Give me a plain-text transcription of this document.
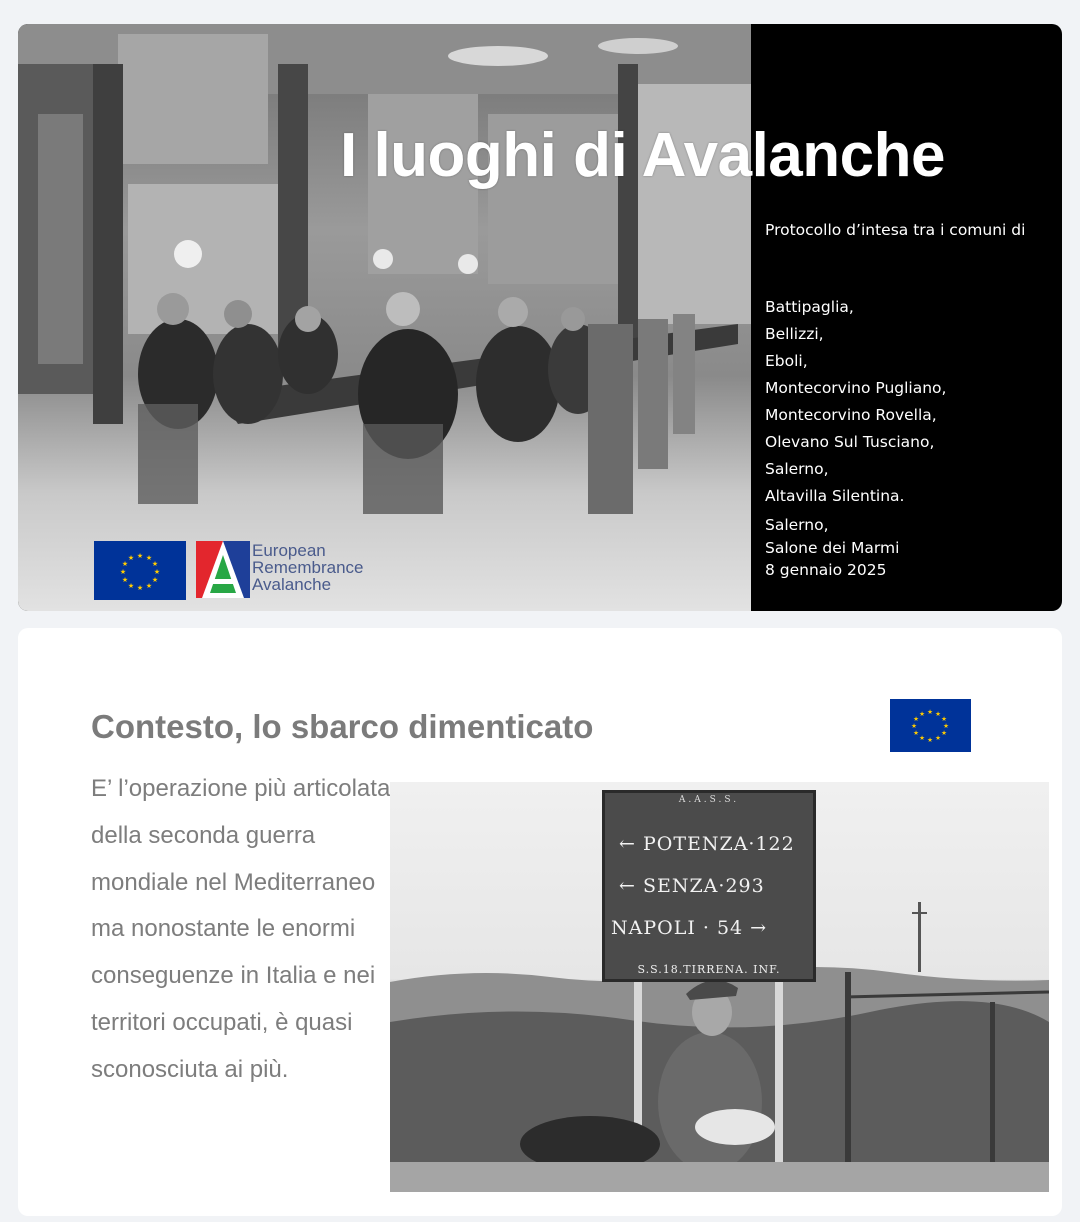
I luoghi di Avalanche
Protocollo d’intesa tra i comuni di
Battipaglia,
Bellizzi,
Eboli,
Montecorvino Pugliano,
Montecorvino Rovella,
Olevano Sul Tusciano,
Salerno,
Altavilla Silentina.
Salerno,
Salone dei Marmi
8 gennaio 2025
★ ★
★
★
★
★
★
★
★
★
★
★	European
Remembrance
Avalanche
Contesto, lo sbarco dimenticato	★ ★
★
★
★
★
★
★
★
★
★
★

E’ l’operazione più articolata della seconda guerra mondiale nel Mediterraneo ma nonostante le enormi conseguenze in Italia e nei territori occupati, è quasi sconosciuta ai più.

A.A.S.S.
← POTENZA·122
← SENZA·293
NAPOLI · 54 →
S.S.18.TIRRENA. INF.
